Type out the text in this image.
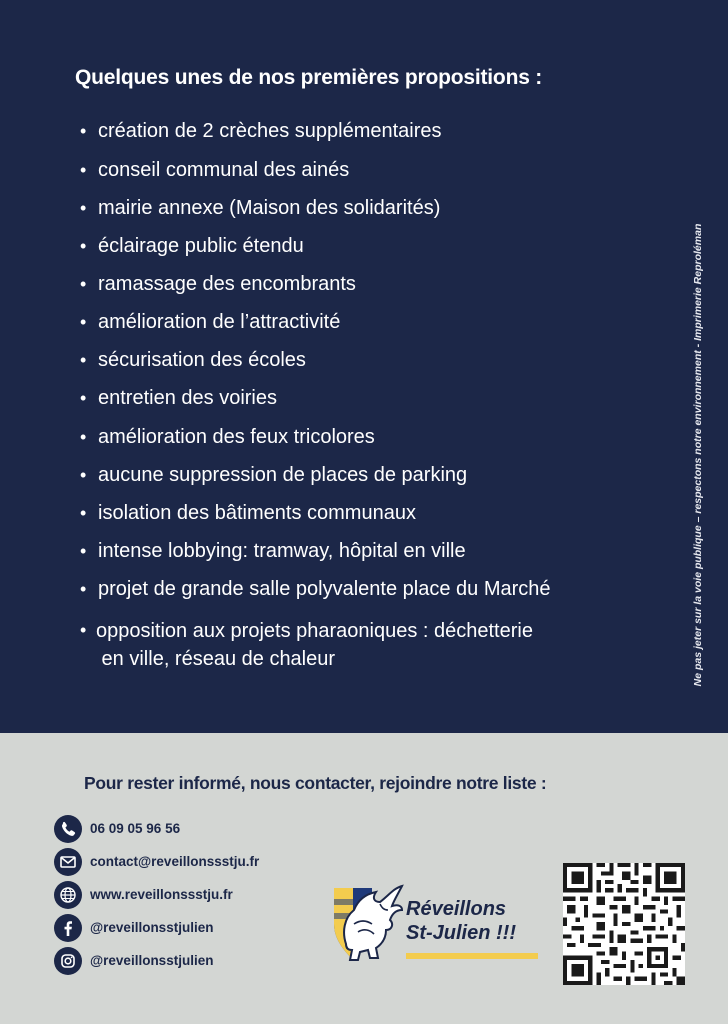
Quelques unes de nos premières propositions :
• création de 2 crèches supplémentaires
• conseil communal des ainés
• mairie annexe (Maison des solidarités)
• éclairage public étendu
• ramassage des encombrants
• amélioration de l’attractivité
• sécurisation des écoles
• entretien des voiries
• amélioration des feux tricolores
• aucune suppression de places de parking
• isolation des bâtiments communaux
• intense lobbying: tramway, hôpital en ville
• projet de grande salle polyvalente place du Marché
• opposition aux projets pharaoniques : déchetterie
en ville, réseau de chaleur	Ne pas jeter sur la voie publique – respectons notre environnement - Imprimerie Reproléman
Pour rester informé, nous contacter, rejoindre notre liste :
06 09 05 96 56
contact@reveillonssstju.fr
www.reveillonssstju.fr
@reveillonsstjulien
@reveillonsstjulien
Réveillons
St-Julien !!!
